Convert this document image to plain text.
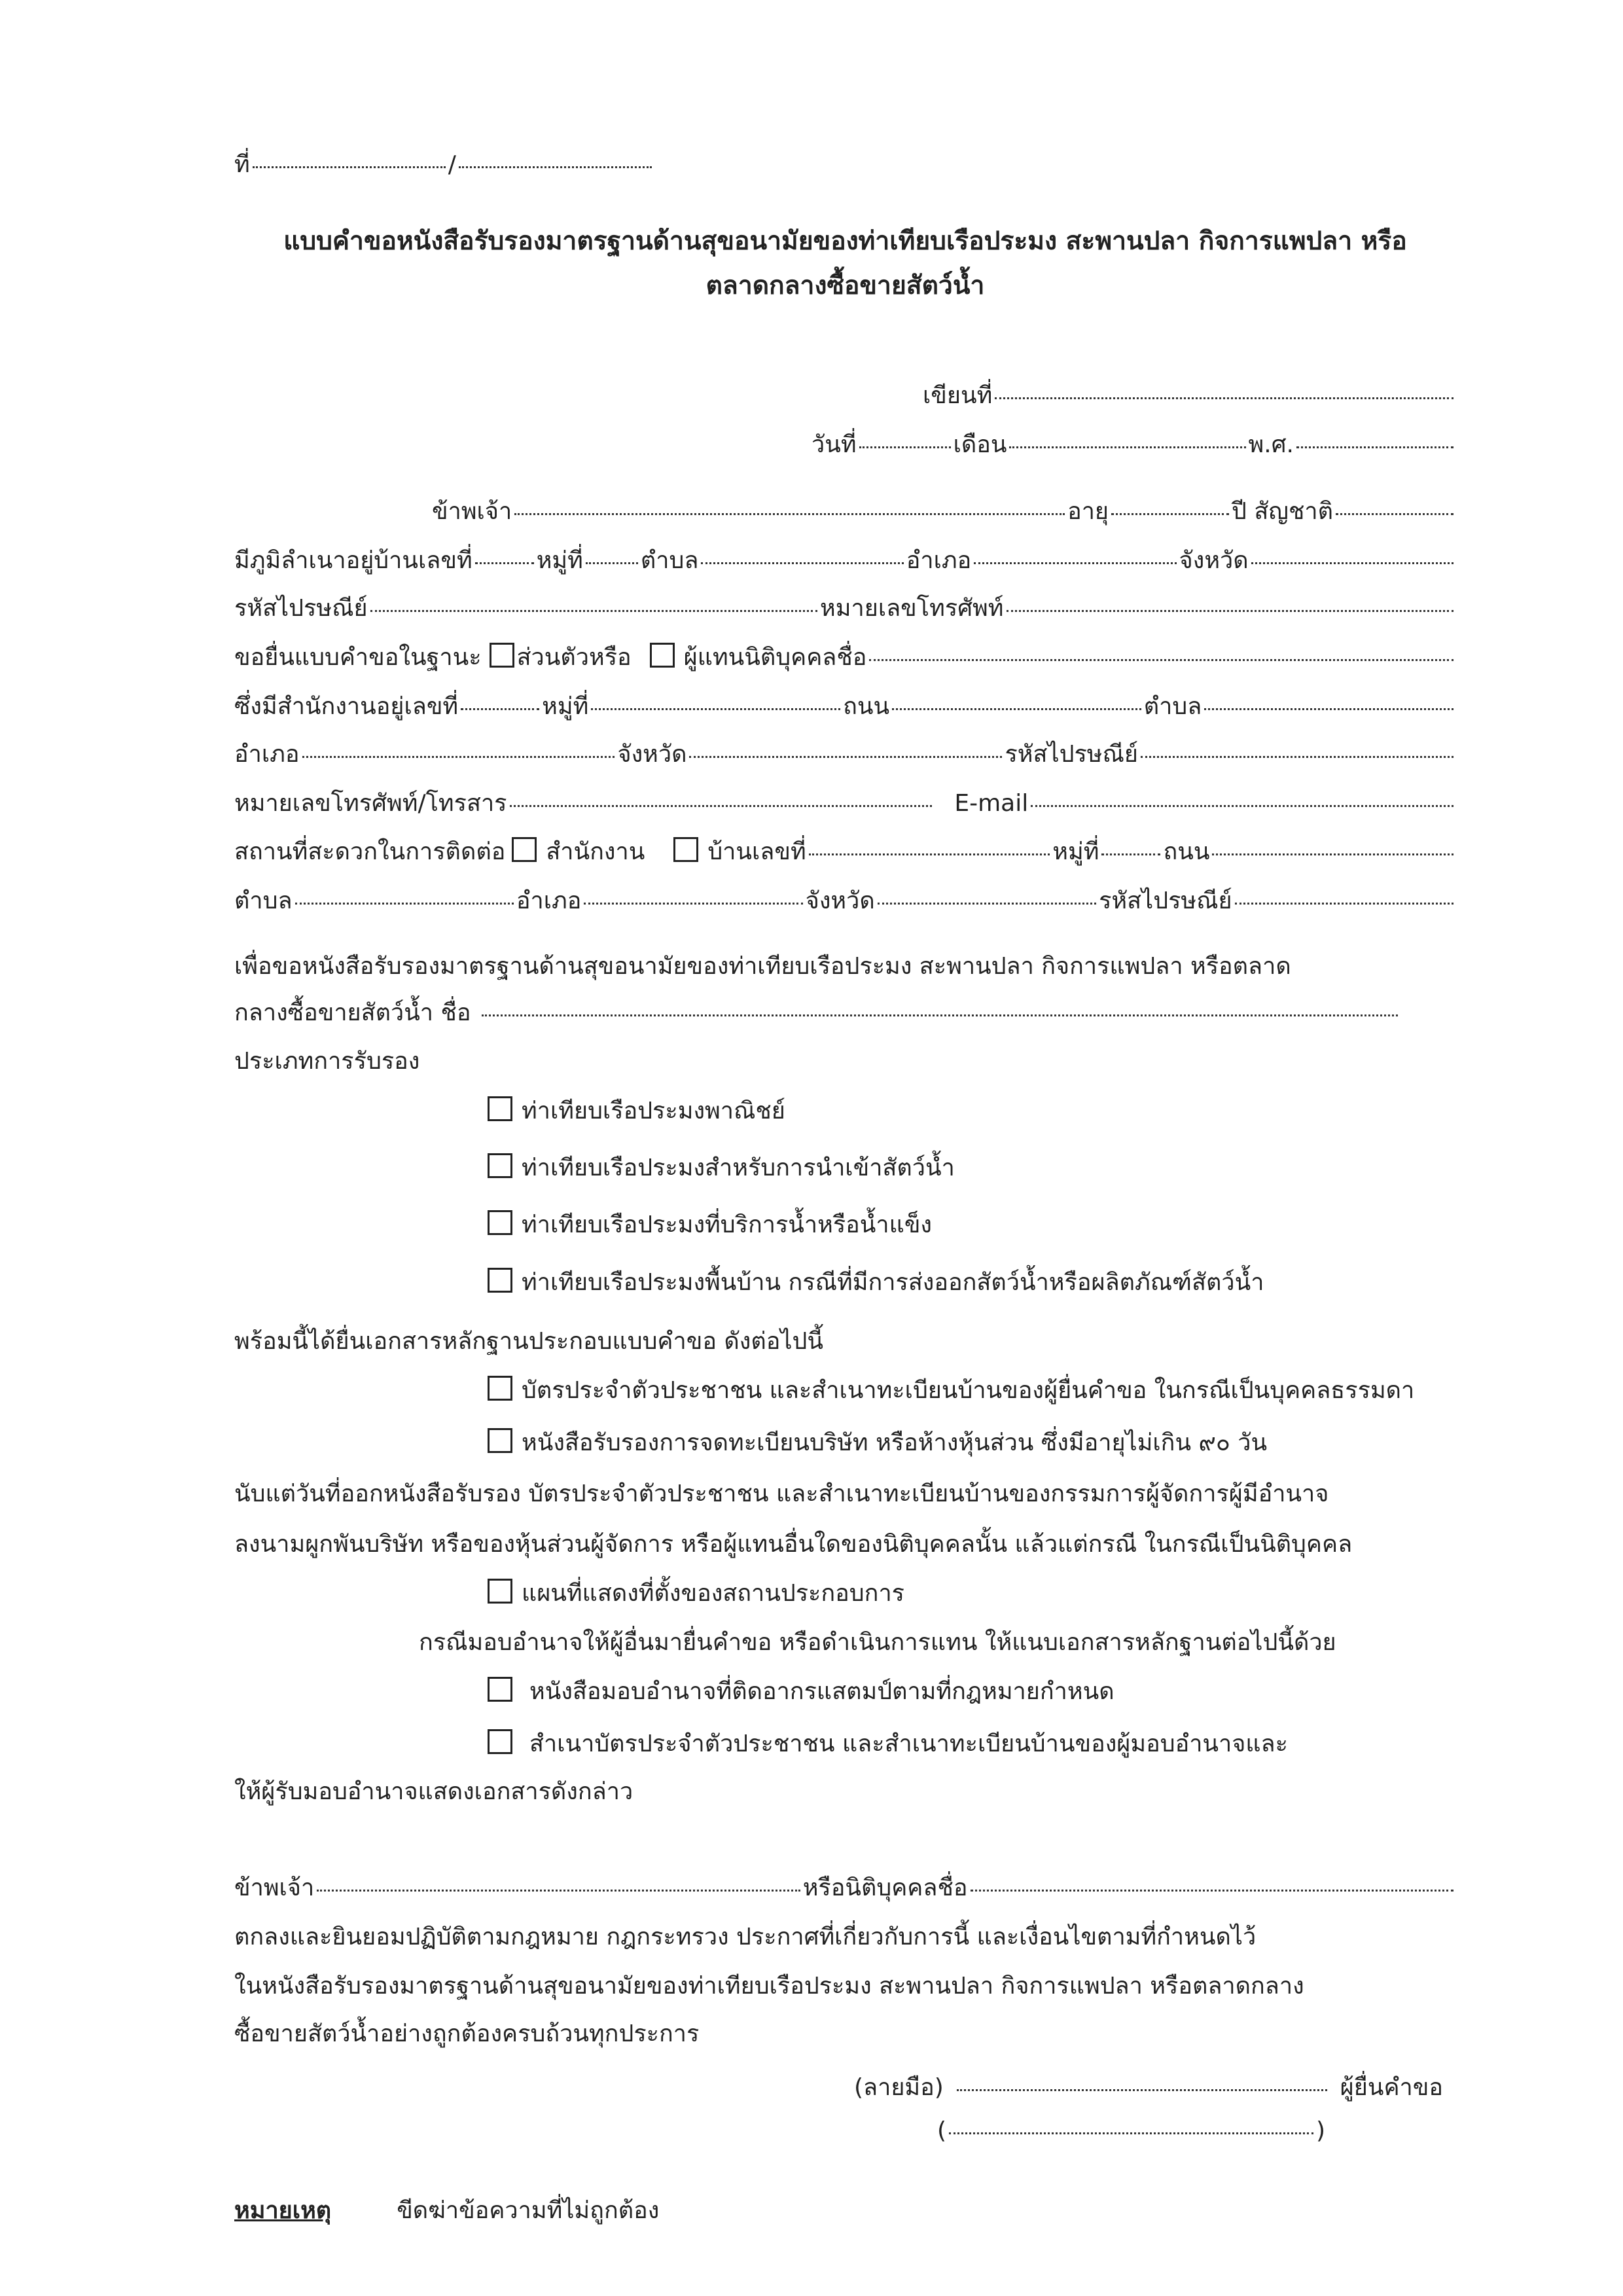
ที่	/
แบบคำขอหนังสือรับรองมาตรฐานด้านสุขอนามัยของท่าเทียบเรือประมง สะพานปลา กิจการแพปลา หรือ
ตลาดกลางซื้อขายสัตว์น้ำ
เขียนที่
วันที่	เดือน	พ.ศ.
ข้าพเจ้า	อายุ	ปี สัญชาติ
มีภูมิลำเนาอยู่บ้านเลขที่	หมู่ที่ ตำบล	อำเภอ	จังหวัด
รหัสไปรษณีย์	หมายเลขโทรศัพท์
ขอยื่นแบบคำขอในฐานะ ส่วนตัวหรือ ผู้แทนนิติบุคคลชื่อ
ซึ่งมีสำนักงานอยู่เลขที่	หมู่ที่	ถนน	ตำบล
อำเภอ	จังหวัด	รหัสไปรษณีย์
หมายเลขโทรศัพท์/โทรสาร	E-mail
สถานที่สะดวกในการติดต่อ สำนักงาน	บ้านเลขที่	หมู่ที่	ถนน
ตำบล	อำเภอ	จังหวัด	รหัสไปรษณีย์
เพื่อขอหนังสือรับรองมาตรฐานด้านสุขอนามัยของท่าเทียบเรือประมง สะพานปลา กิจการแพปลา หรือตลาด
กลางซื้อขายสัตว์น้ำ ชื่อ
ประเภทการรับรอง
ท่าเทียบเรือประมงพาณิชย์
ท่าเทียบเรือประมงสำหรับการนำเข้าสัตว์น้ำ
ท่าเทียบเรือประมงที่บริการน้ำหรือน้ำแข็ง
ท่าเทียบเรือประมงพื้นบ้าน กรณีที่มีการส่งออกสัตว์น้ำหรือผลิตภัณฑ์สัตว์น้ำ
พร้อมนี้ได้ยื่นเอกสารหลักฐานประกอบแบบคำขอ ดังต่อไปนี้
บัตรประจำตัวประชาชน และสำเนาทะเบียนบ้านของผู้ยื่นคำขอ ในกรณีเป็นบุคคลธรรมดา
หนังสือรับรองการจดทะเบียนบริษัท หรือห้างหุ้นส่วน ซึ่งมีอายุไม่เกิน ๙๐ วัน
นับแต่วันที่ออกหนังสือรับรอง บัตรประจำตัวประชาชน และสำเนาทะเบียนบ้านของกรรมการผู้จัดการผู้มีอำนาจ
ลงนามผูกพันบริษัท หรือของหุ้นส่วนผู้จัดการ หรือผู้แทนอื่นใดของนิติบุคคลนั้น แล้วแต่กรณี ในกรณีเป็นนิติบุคคล
แผนที่แสดงที่ตั้งของสถานประกอบการ
กรณีมอบอำนาจให้ผู้อื่นมายื่นคำขอ หรือดำเนินการแทน ให้แนบเอกสารหลักฐานต่อไปนี้ด้วย
หนังสือมอบอำนาจที่ติดอากรแสตมป์ตามที่กฎหมายกำหนด
สำเนาบัตรประจำตัวประชาชน และสำเนาทะเบียนบ้านของผู้มอบอำนาจและ
ให้ผู้รับมอบอำนาจแสดงเอกสารดังกล่าว
ข้าพเจ้า	หรือนิติบุคคลชื่อ
ตกลงและยินยอมปฏิบัติตามกฎหมาย กฎกระทรวง ประกาศที่เกี่ยวกับการนี้ และเงื่อนไขตามที่กำหนดไว้
ในหนังสือรับรองมาตรฐานด้านสุขอนามัยของท่าเทียบเรือประมง สะพานปลา กิจการแพปลา หรือตลาดกลาง
ซื้อขายสัตว์น้ำอย่างถูกต้องครบถ้วนทุกประการ
(ลายมือ)	ผู้ยื่นคำขอ
(	)
หมายเหตุ	ขีดฆ่าข้อความที่ไม่ถูกต้อง
